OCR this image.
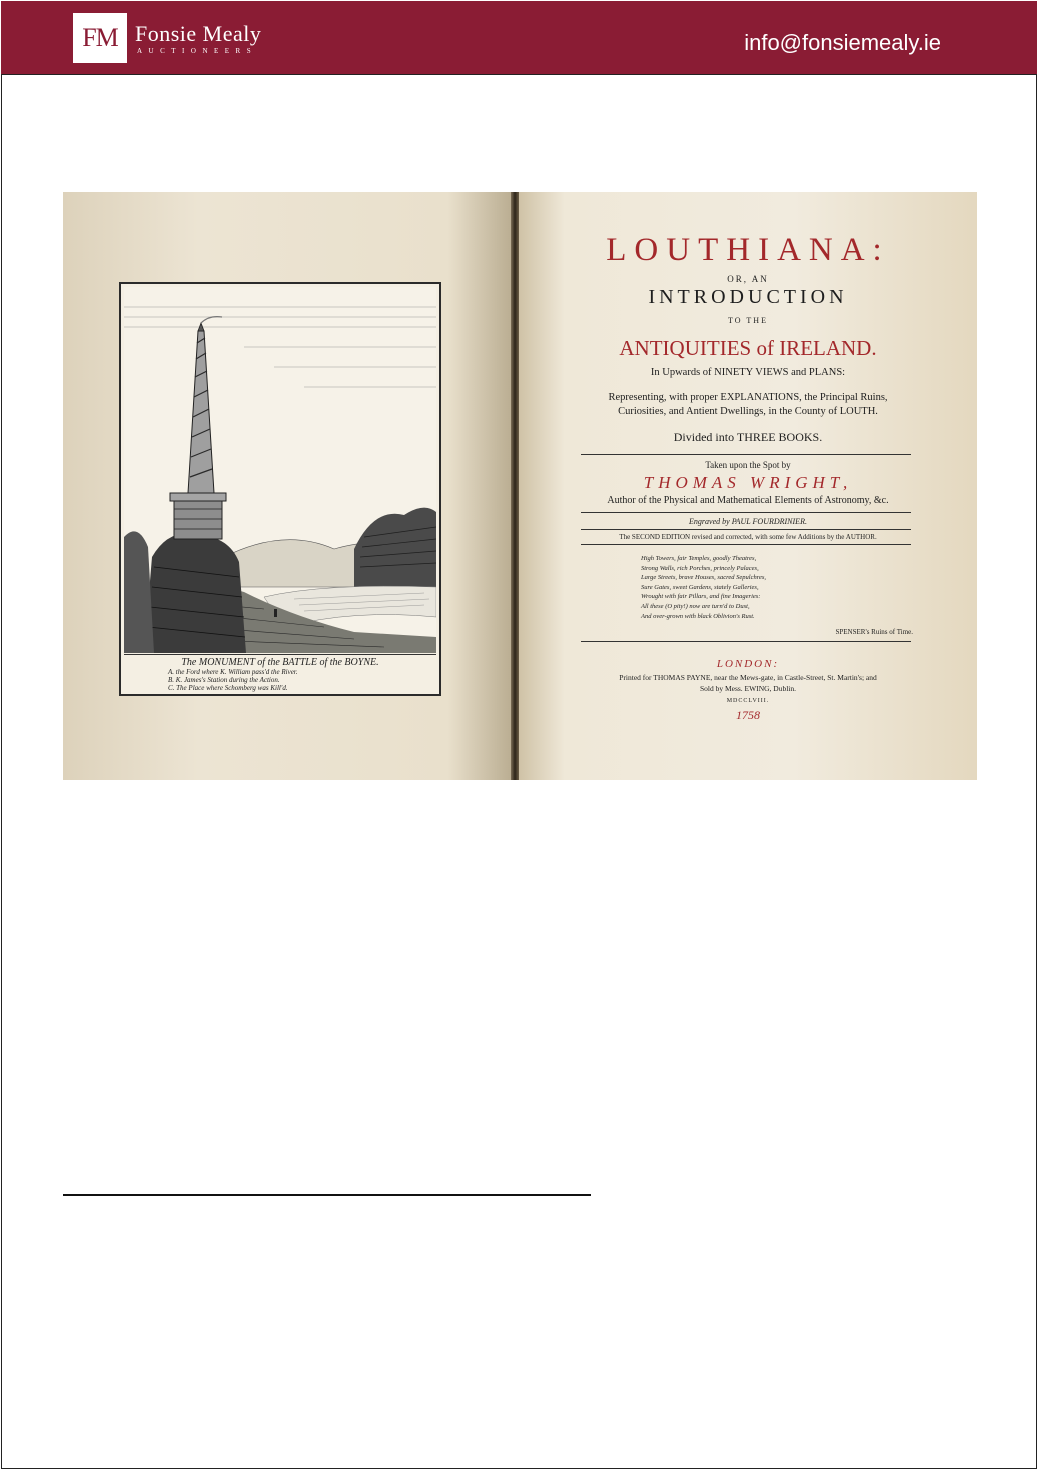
FM Fonsie Mealy
AUCTIONEERS	info@fonsiemealy.ie
The MONUMENT of the BATTLE of the BOYNE.
A. the Ford where K. William pass'd the River.
B. K. James's Station during the Action.
C. The Place where Schomberg was Kill'd.
LOUTHIANA:
OR, AN
INTRODUCTION
TO THE
ANTIQUITIES of IRELAND.
In Upwards of NINETY VIEWS and PLANS:
Representing, with proper EXPLANATIONS, the Principal Ruins,
Curiosities, and Antient Dwellings, in the County of LOUTH.
Divided into THREE BOOKS.
Taken upon the Spot by
THOMAS WRIGHT,
Author of the Physical and Mathematical Elements of Astronomy, &c.
Engraved by PAUL FOURDRINIER.
The SECOND EDITION revised and corrected, with some few Additions by the AUTHOR.
High Towers, fair Temples, goodly Theatres,
Strong Walls, rich Porches, princely Palaces,
Large Streets, brave Houses, sacred Sepulchres,
Sure Gates, sweet Gardens, stately Galleries,
Wrought with fair Pillars, and fine Imageries:
All these (O pity!) now are turn'd to Dust,
And over-grown with black Oblivion's Rust.
SPENSER's Ruins of Time.
LONDON:
Printed for THOMAS PAYNE, near the Mews-gate, in Castle-Street, St. Martin's; and
Sold by Mess. EWING, Dublin.
MDCCLVIII.
1758
